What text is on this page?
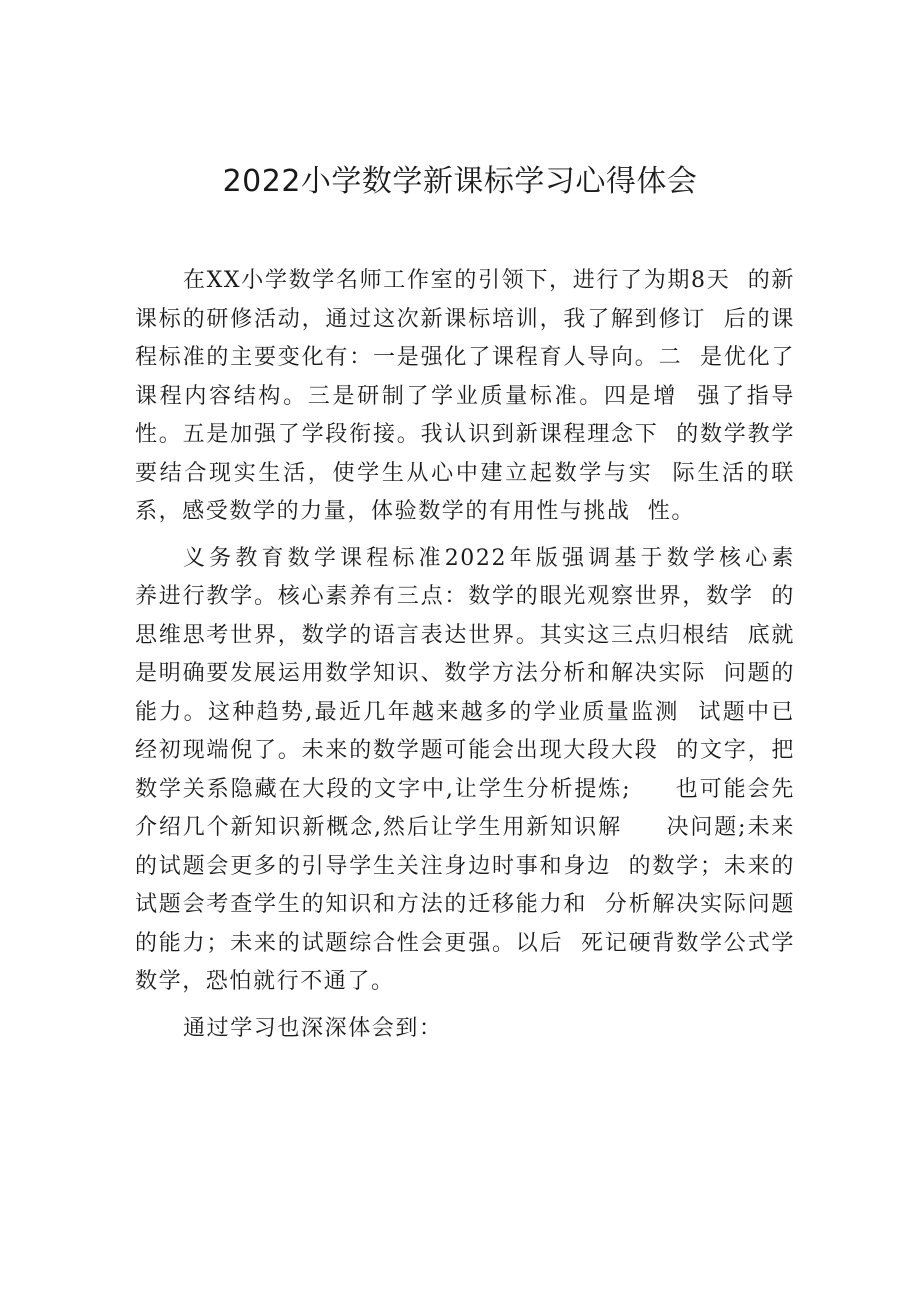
2022小学数学新课标学习心得体会

在XX小学数学名师工作室的引领下，进行了为期8天  的新课标的研修活动，通过这次新课标培训，我了解到修订  后的课程标准的主要变化有：一是强化了课程育人导向。二  是优化了课程内容结构。三是研制了学业质量标准。四是增  强了指导性。五是加强了学段衔接。我认识到新课程理念下  的数学教学要结合现实生活，使学生从心中建立起数学与实  际生活的联系，感受数学的力量，体验数学的有用性与挑战  性。

义务教育数学课程标准2022年版强调基于数学核心素    养进行教学。核心素养有三点：数学的眼光观察世界，数学  的思维思考世界，数学的语言表达世界。其实这三点归根结  底就是明确要发展运用数学知识、数学方法分析和解决实际  问题的能力。这种趋势,最近几年越来越多的学业质量监测  试题中已经初现端倪了。未来的数学题可能会出现大段大段  的文字，把数学关系隐藏在大段的文字中,让学生分析提炼;     也可能会先介绍几个新知识新概念,然后让学生用新知识解     决问题;未来的试题会更多的引导学生关注身边时事和身边  的数学；未来的试题会考查学生的知识和方法的迁移能力和  分析解决实际问题的能力；未来的试题综合性会更强。以后  死记硬背数学公式学数学，恐怕就行不通了。

通过学习也深深体会到：
